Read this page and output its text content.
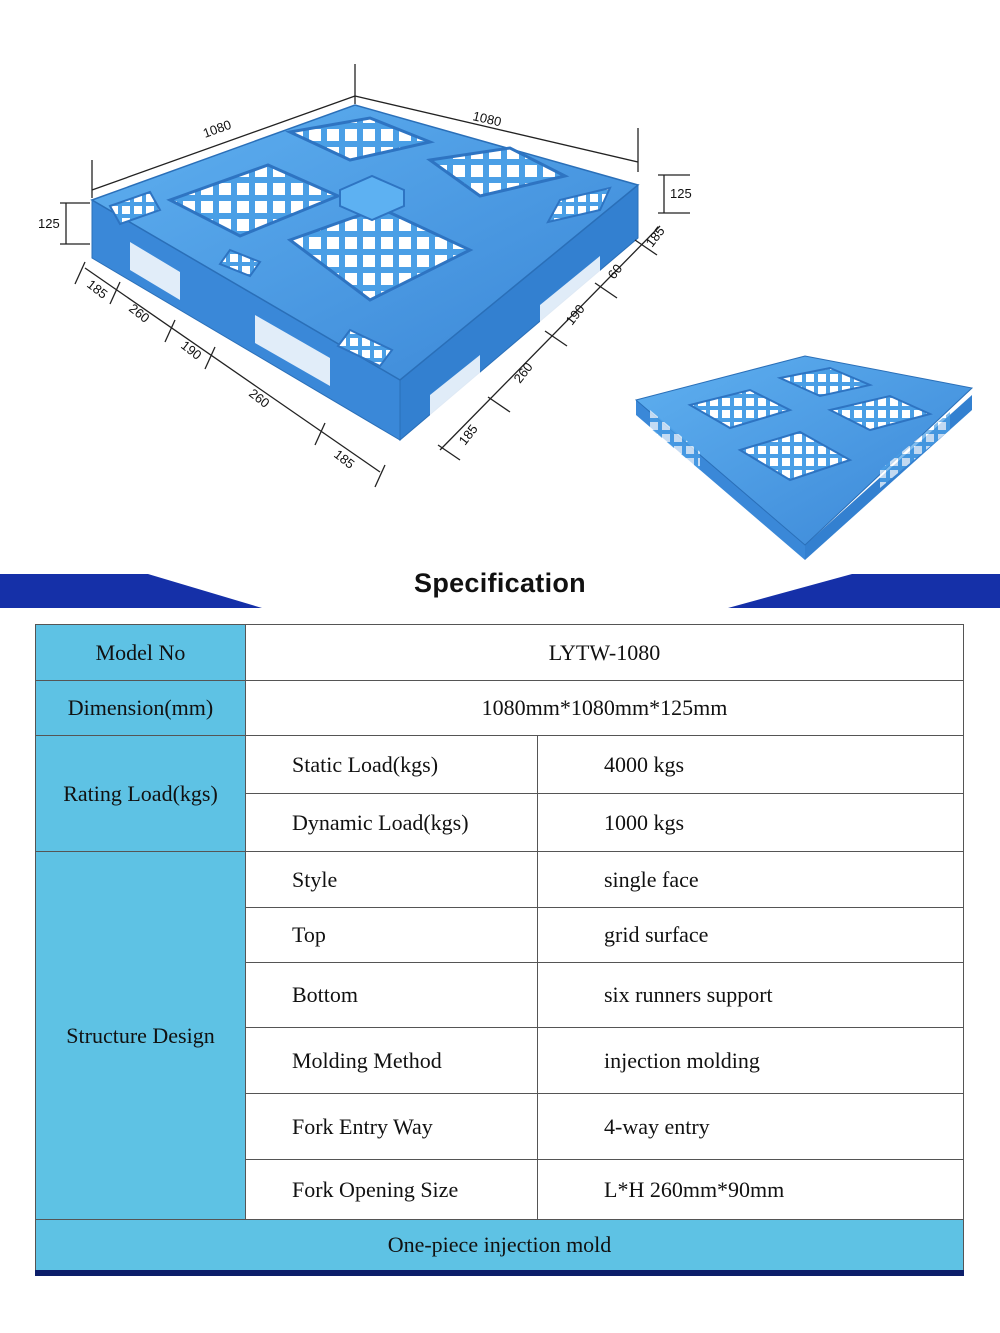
1080	1080
125
125
185
260
190
260
185
185
60
190
260
185
Specification
Model No	LYTW-1080	
Dimension(mm)	1080mm*1080mm*125mm	
Rating Load(kgs)	Static Load(kgs)	4000 kgs
	Dynamic Load(kgs)	1000 kgs
Structure Design	Style	single face
	Top	grid surface
	Bottom	six runners support
	Molding Method	injection molding
	Fork Entry Way	4-way entry
	Fork Opening Size	L*H 260mm*90mm
One-piece injection mold		
